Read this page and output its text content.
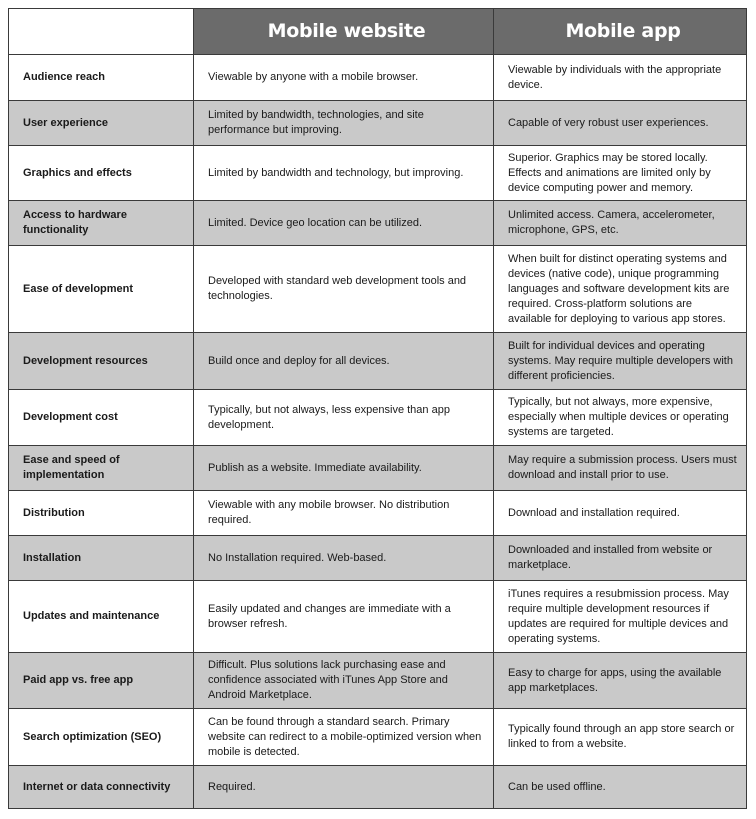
	Mobile website	Mobile app
Audience reach	Viewable by anyone with a mobile browser.	Viewable by individuals with the appropriate device.
User experience	Limited by bandwidth, technologies, and site performance but improving.	Capable of very robust user experiences.
Graphics and effects	Limited by bandwidth and technology, but improving.	Superior. Graphics may be stored locally. Effects and animations are limited only by device computing power and memory.
Access to hardware functionality	Limited. Device geo location can be utilized.	Unlimited access. Camera, accelerometer, microphone, GPS, etc.
Ease of development	Developed with standard web development tools and technologies.	When built for distinct operating systems and devices (native code), unique programming languages and software development kits are required. Cross-platform solutions are available for deploying to various app stores.
Development resources	Build once and deploy for all devices.	Built for individual devices and operating systems. May require multiple developers with different proficiencies.
Development cost	Typically, but not always, less expensive than app development.	Typically, but not always, more expensive, especially when multiple devices or operating systems are targeted.
Ease and speed of implementation	Publish as a website. Immediate availability.	May require a submission process. Users must download and install prior to use.
Distribution	Viewable with any mobile browser. No distribution required.	Download and installation required.
Installation	No Installation required. Web-based.	Downloaded and installed from website or marketplace.
Updates and maintenance	Easily updated and changes are immediate with a browser refresh.	iTunes requires a resubmission process. May require multiple development resources if updates are required for multiple devices and operating systems.
Paid app vs. free app	Difficult. Plus solutions lack purchasing ease and confidence associated with iTunes App Store and Android Marketplace.	Easy to charge for apps, using the available app marketplaces.
Search optimization (SEO)	Can be found through a standard search. Primary website can redirect to a mobile-optimized version when mobile is detected.	Typically found through an app store search or linked to from a website.
Internet or data connectivity	Required.	Can be used offline.
